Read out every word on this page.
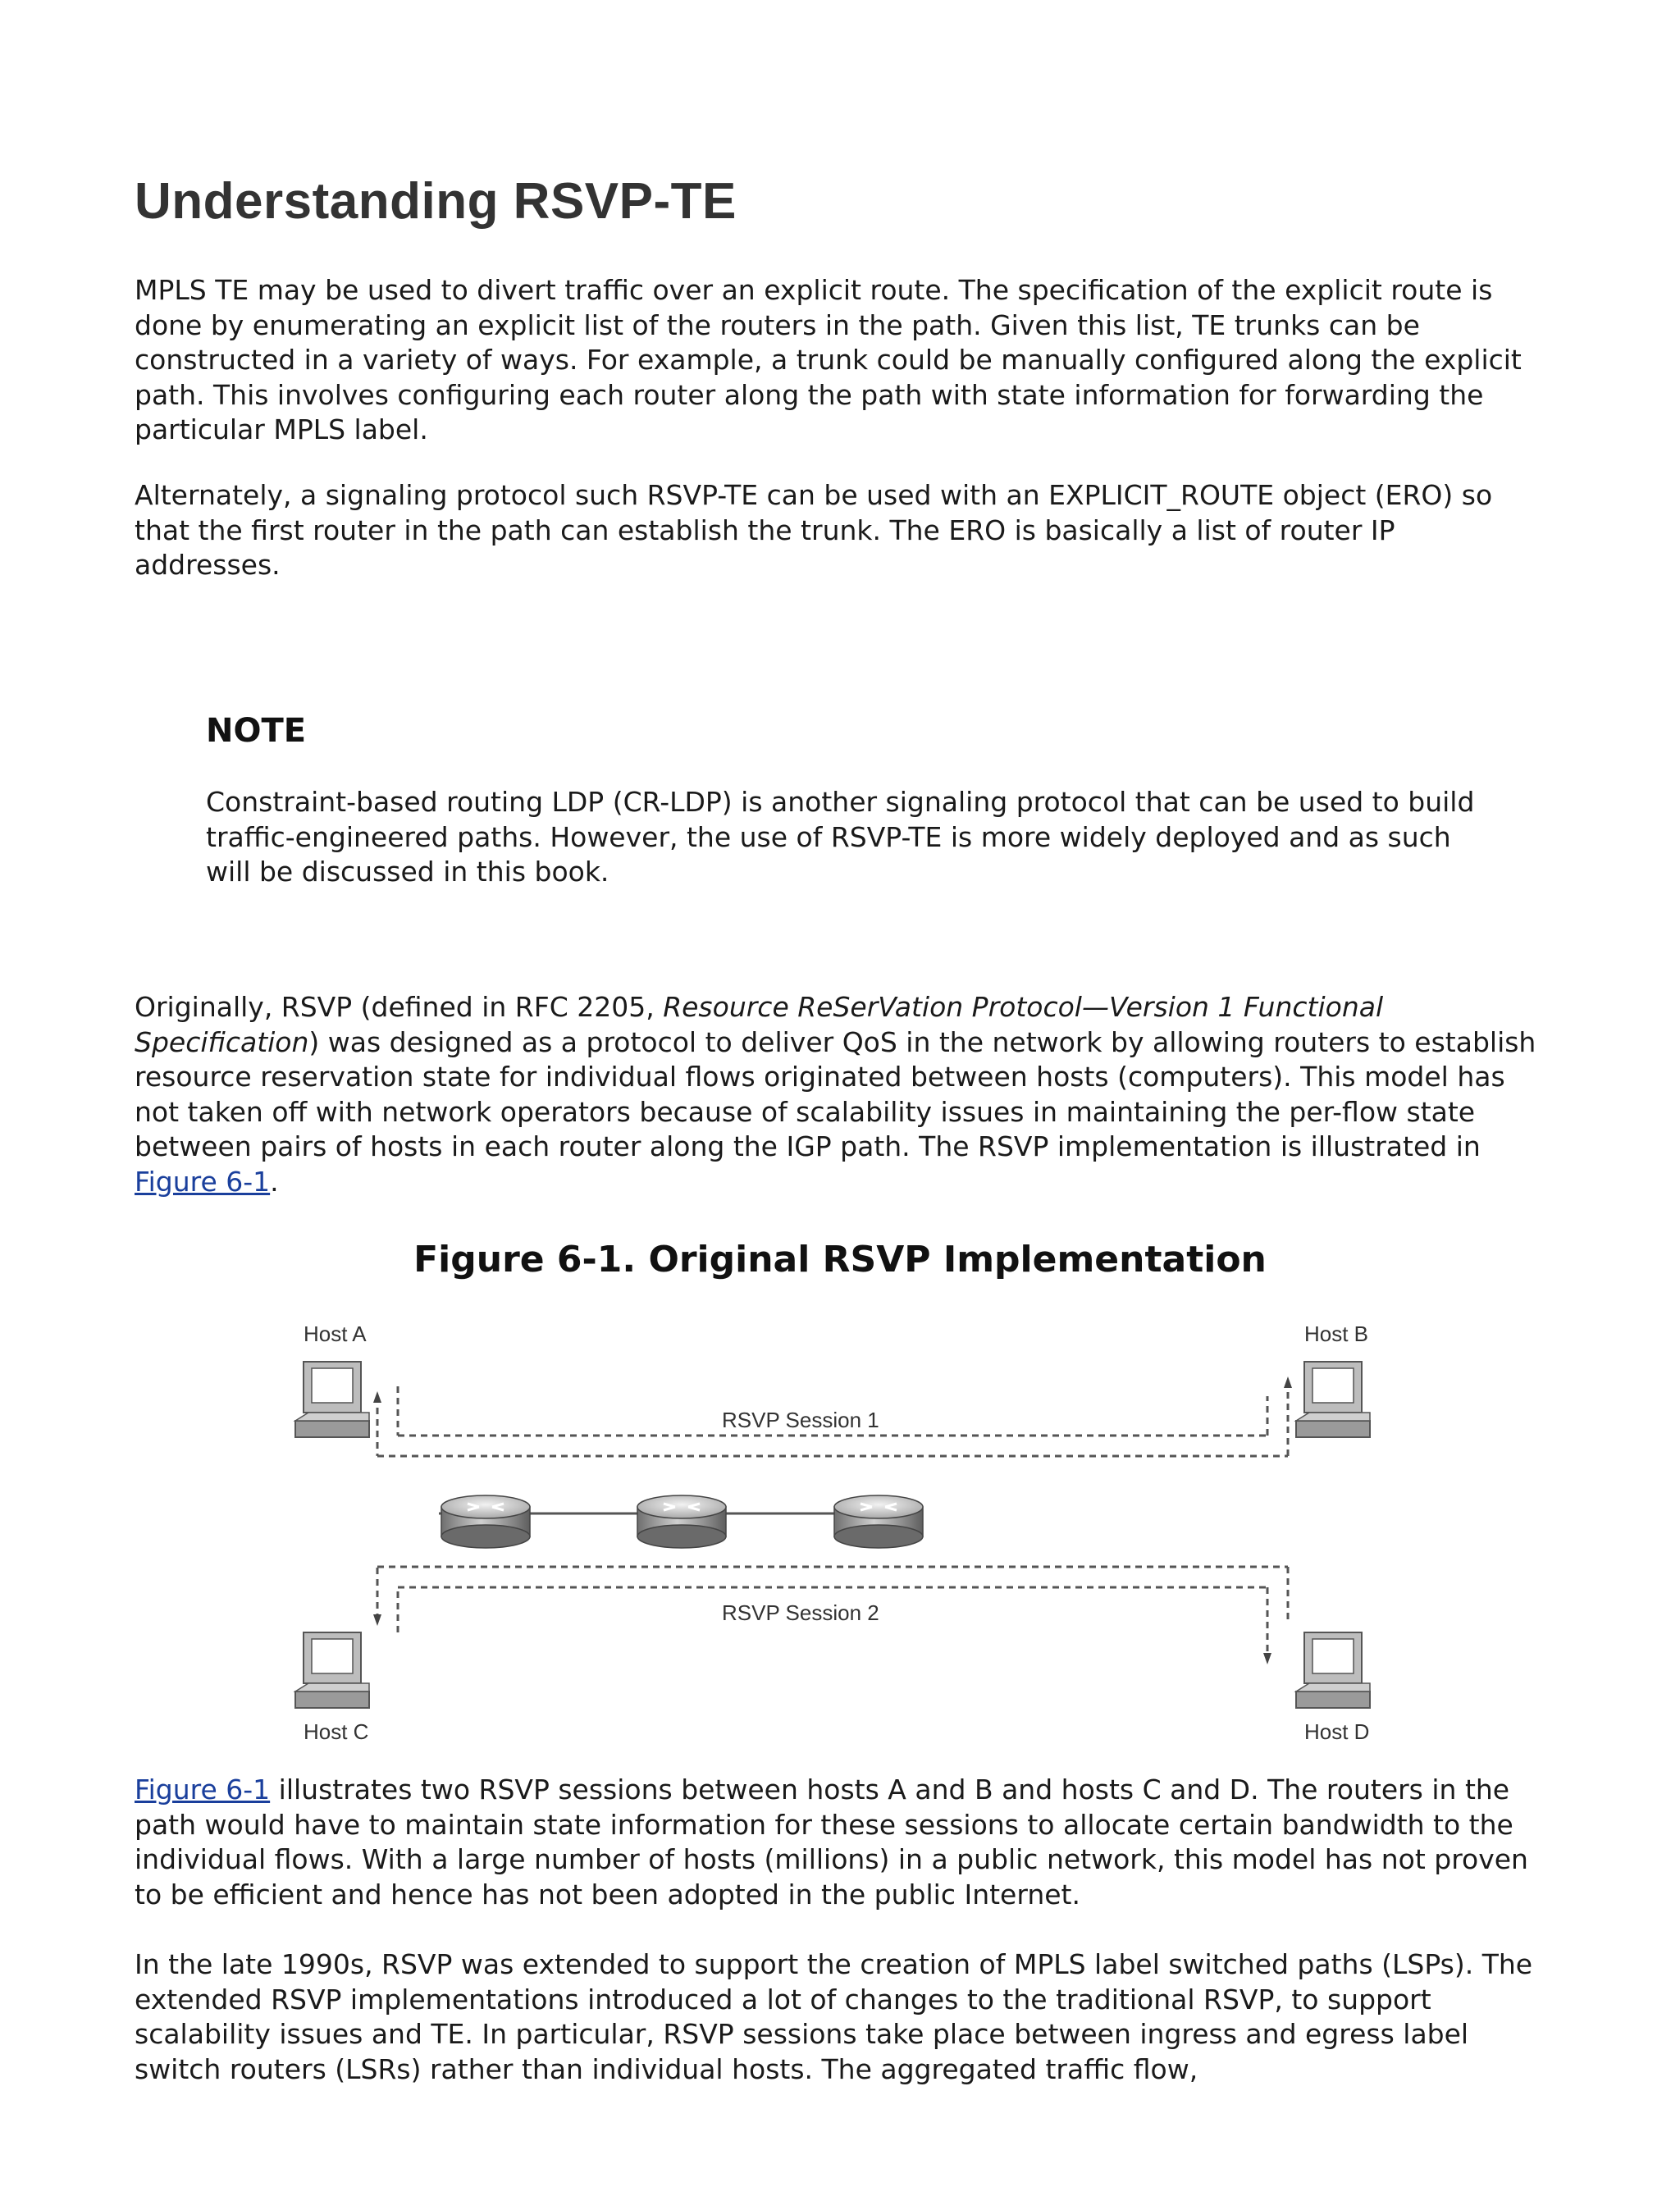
Understanding RSVP-TE

MPLS TE may be used to divert traffic over an explicit route. The specification of the explicit route is done by enumerating an explicit list of the routers in the path. Given this list, TE trunks can be constructed in a variety of ways. For example, a trunk could be manually configured along the explicit path. This involves configuring each router along the path with state information for forwarding the particular MPLS label.

Alternately, a signaling protocol such RSVP-TE can be used with an EXPLICIT_ROUTE object (ERO) so that the first router in the path can establish the trunk. The ERO is basically a list of router IP addresses.

NOTE

Constraint-based routing LDP (CR-LDP) is another signaling protocol that can be used to build traffic-engineered paths. However, the use of RSVP-TE is more widely deployed and as such will be discussed in this book.

Originally, RSVP (defined in RFC 2205, Resource ReSerVation Protocol—Version 1 Functional Specification) was designed as a protocol to deliver QoS in the network by allowing routers to establish resource reservation state for individual flows originated between hosts (computers). This model has not taken off with network operators because of scalability issues in maintaining the per-flow state between pairs of hosts in each router along the IGP path. The RSVP implementation is illustrated in Figure 6-1.

Figure 6-1. Original RSVP Implementation

Host A	Host B
Host C	Host D
RSVP Session 1
RSVP Session 2

Figure 6-1 illustrates two RSVP sessions between hosts A and B and hosts C and D. The routers in the path would have to maintain state information for these sessions to allocate certain bandwidth to the individual flows. With a large number of hosts (millions) in a public network, this model has not proven to be efficient and hence has not been adopted in the public Internet.

In the late 1990s, RSVP was extended to support the creation of MPLS label switched paths (LSPs). The extended RSVP implementations introduced a lot of changes to the traditional RSVP, to support scalability issues and TE. In particular, RSVP sessions take place between ingress and egress label switch routers (LSRs) rather than individual hosts. The aggregated traffic flow,
